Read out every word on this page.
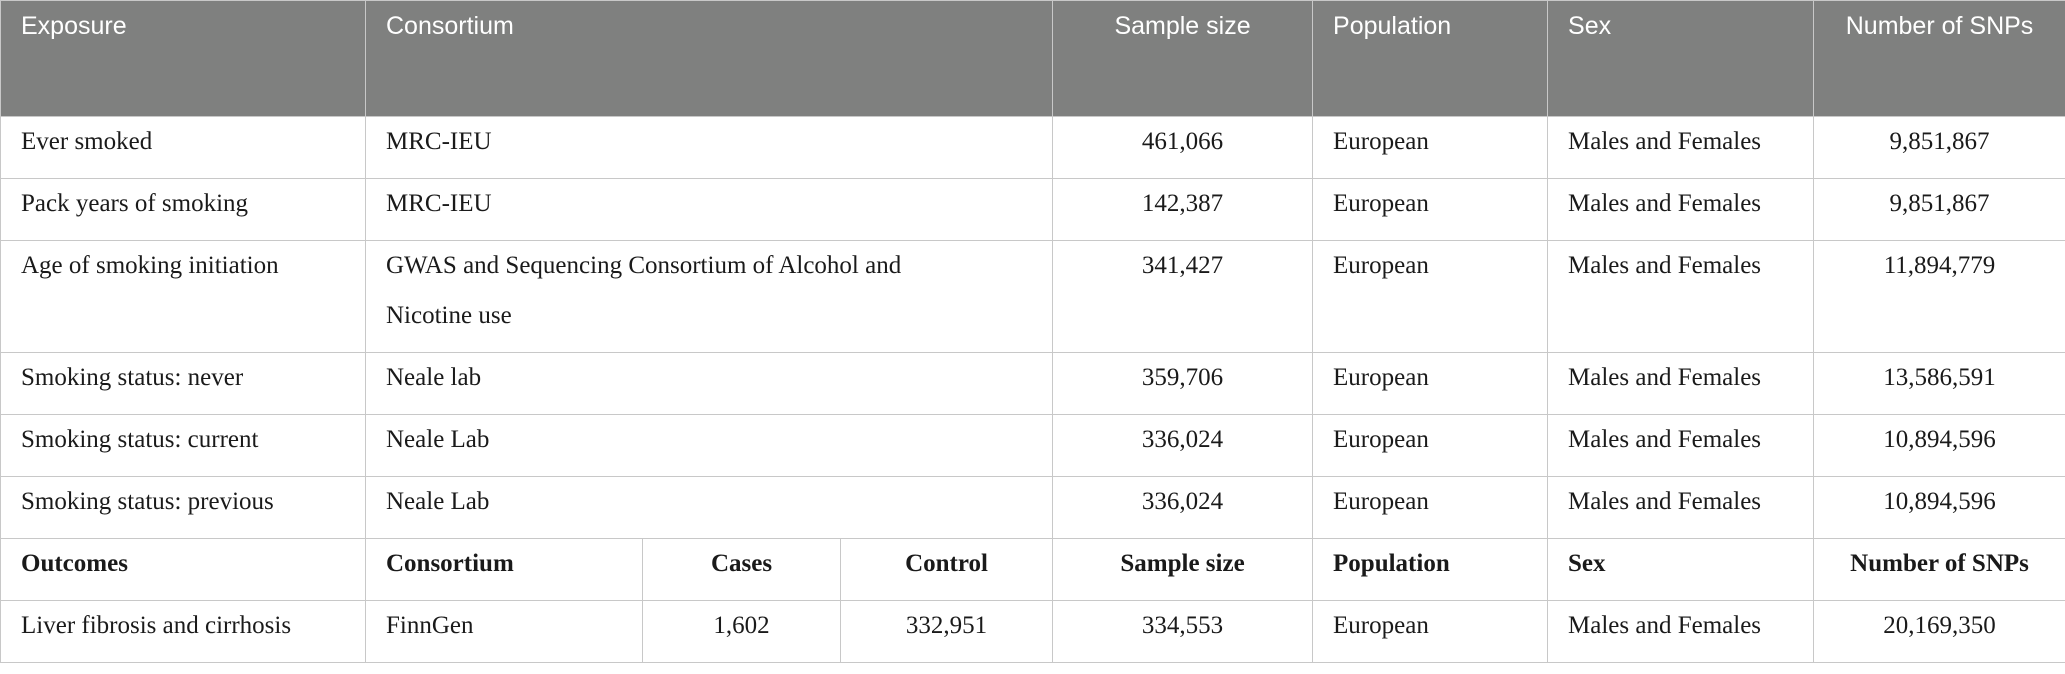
Exposure	Consortium			Sample size	Population	Sex	Number of SNPs
Ever smoked	MRC-IEU			461,066	European	Males and Females	9,851,867
Pack years of smoking	MRC-IEU			142,387	European	Males and Females	9,851,867
Age of smoking initiation	GWAS and Sequencing Consortium of Alcohol and Nicotine use			341,427	European	Males and Females	11,894,779
Smoking status: never	Neale lab			359,706	European	Males and Females	13,586,591
Smoking status: current	Neale Lab			336,024	European	Males and Females	10,894,596
Smoking status: previous	Neale Lab			336,024	European	Males and Females	10,894,596
Outcomes	Consortium	Cases	Control	Sample size	Population	Sex	Number of SNPs
Liver fibrosis and cirrhosis	FinnGen	1,602	332,951	334,553	European	Males and Females	20,169,350
